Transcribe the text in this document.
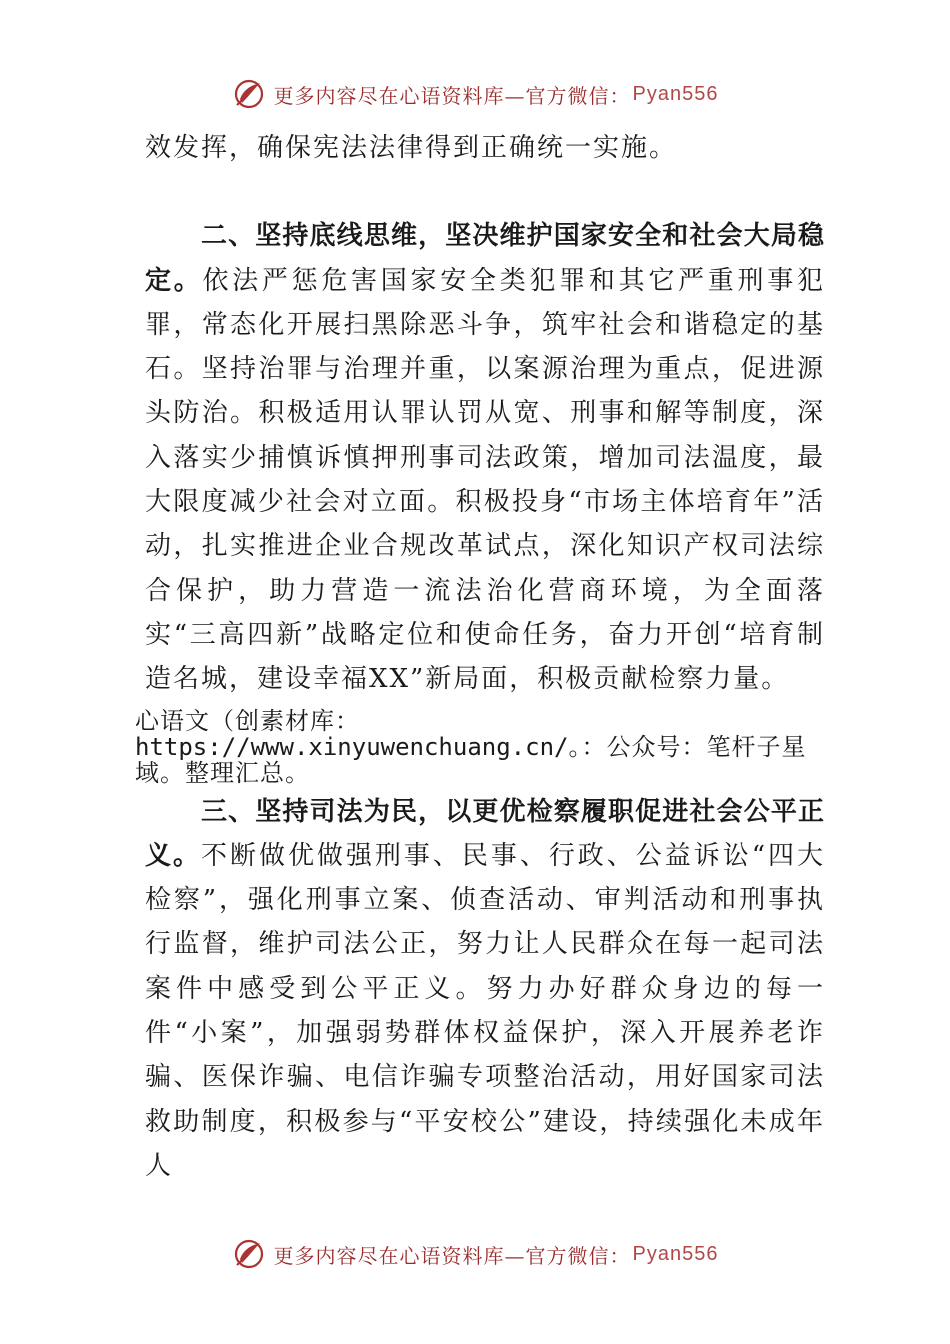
更多内容尽在心语资料库—官方微信： Pyan556

效发挥，确保宪法法律得到正确统一实施。

二、坚持底线思维，坚决维护国家安全和社会大局稳定。依法严惩危害国家安全类犯罪和其它严重刑事犯罪，常态化开展扫黑除恶斗争，筑牢社会和谐稳定的基石。坚持治罪与治理并重，以案源治理为重点，促进源头防治。积极适用认罪认罚从宽、刑事和解等制度，深入落实少捕慎诉慎押刑事司法政策，增加司法温度，最大限度减少社会对立面。积极投身“市场主体培育年”活动，扎实推进企业合规改革试点，深化知识产权司法综合保护，助力营造一流法治化营商环境，为全面落实“三高四新”战略定位和使命任务，奋力开创“培育制造名城，建设幸福XX”新局面，积极贡献检察力量。

心语文（创素材库：https://www.xinyuwenchuang.cn/。：公众号：笔杆子星域。整理汇总。

三、坚持司法为民，以更优检察履职促进社会公平正义。不断做优做强刑事、民事、行政、公益诉讼“四大检察”，强化刑事立案、侦查活动、审判活动和刑事执行监督，维护司法公正，努力让人民群众在每一起司法案件中感受到公平正义。努力办好群众身边的每一件“小案”，加强弱势群体权益保护，深入开展养老诈骗、医保诈骗、电信诈骗专项整治活动，用好国家司法救助制度，积极参与“平安校公”建设，持续强化未成年人

更多内容尽在心语资料库—官方微信： Pyan556
